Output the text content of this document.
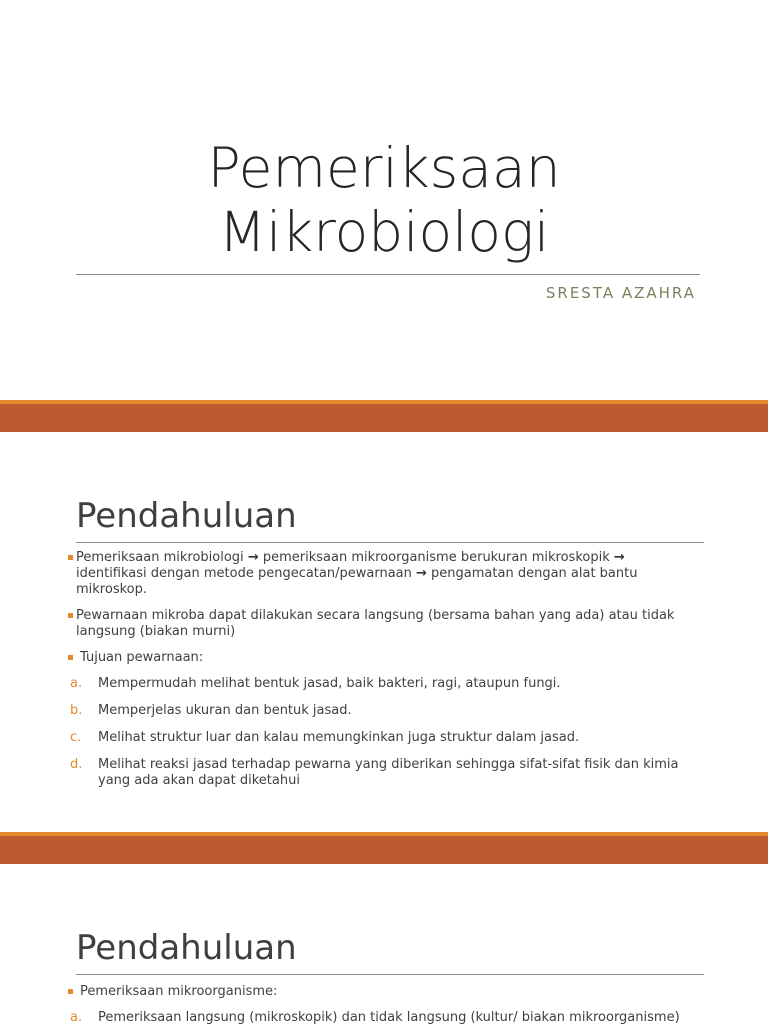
Pemeriksaan
Mikrobiologi
SRESTA AZAHRA
Pendahuluan
Pemeriksaan mikrobiologi → pemeriksaan mikroorganisme berukuran mikroskopik → identifikasi dengan metode pengecatan/pewarnaan → pengamatan dengan alat bantu mikroskop.
Pewarnaan mikroba dapat dilakukan secara langsung (bersama bahan yang ada) atau tidak langsung (biakan murni)
Tujuan pewarnaan:
a. Mempermudah melihat bentuk jasad, baik bakteri, ragi, ataupun fungi.
b. Memperjelas ukuran dan bentuk jasad.
c. Melihat struktur luar dan kalau memungkinkan juga struktur dalam jasad.
d. Melihat reaksi jasad terhadap pewarna yang diberikan sehingga sifat-sifat fisik dan kimia yang ada akan dapat diketahui
Pendahuluan
Pemeriksaan mikroorganisme:
a. Pemeriksaan langsung (mikroskopik) dan tidak langsung (kultur/ biakan mikroorganisme)
